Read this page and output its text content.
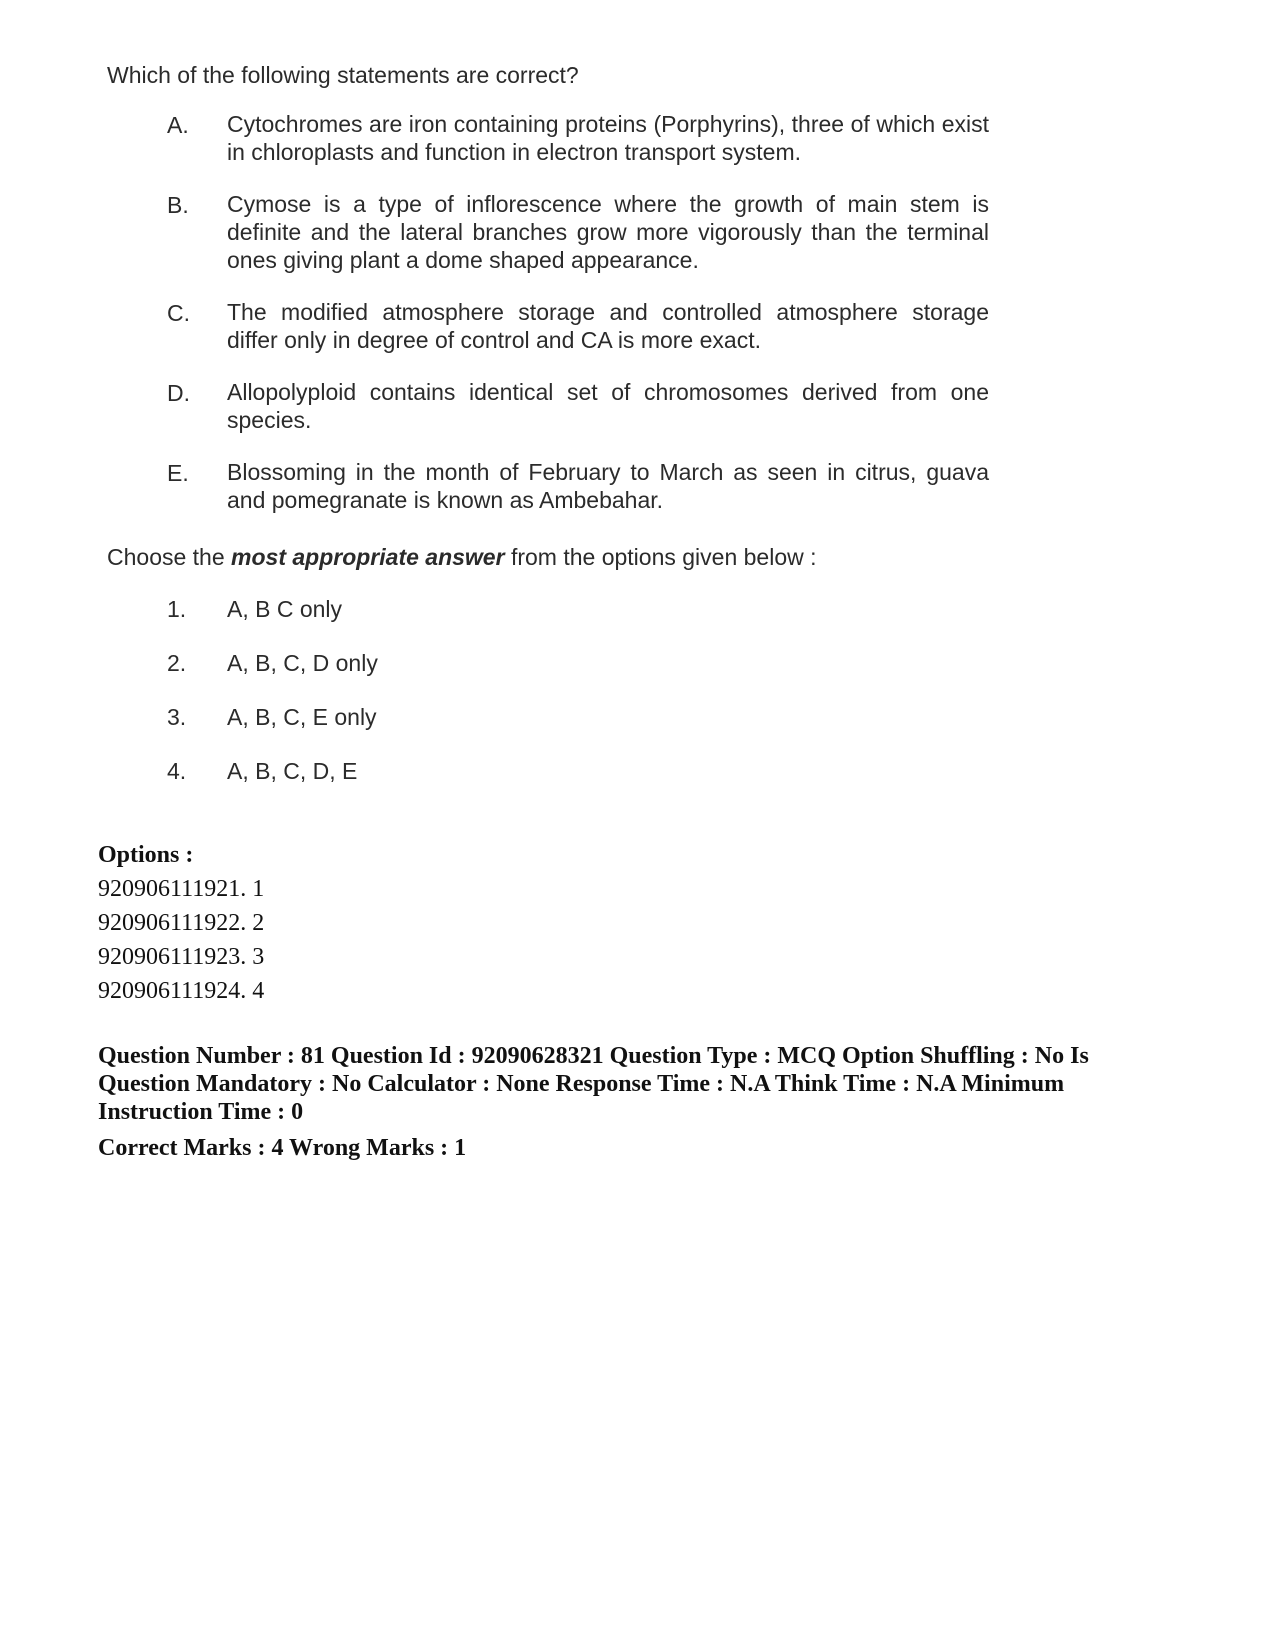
Which of the following statements are correct?
A.	Cytochromes are iron containing proteins (Porphyrins), three of which exist in chloroplasts and function in electron transport system.
B.	Cymose is a type of inflorescence where the growth of main stem is definite and the lateral branches grow more vigorously than the terminal ones giving plant a dome shaped appearance.
C.	The modified atmosphere storage and controlled atmosphere storage differ only in degree of control and CA is more exact.
D.	Allopolyploid contains identical set of chromosomes derived from one species.
E.	Blossoming in the month of February to March as seen in citrus, guava and pomegranate is known as Ambebahar.
Choose the most appropriate answer from the options given below :
1.	A, B C only
2.	A, B, C, D only
3.	A, B, C, E only
4.	A, B, C, D, E
Options :
920906111921. 1
920906111922. 2
920906111923. 3
920906111924. 4
Question Number : 81 Question Id : 92090628321 Question Type : MCQ Option Shuffling : No Is Question Mandatory : No Calculator : None Response Time : N.A Think Time : N.A Minimum Instruction Time : 0
Correct Marks : 4 Wrong Marks : 1
